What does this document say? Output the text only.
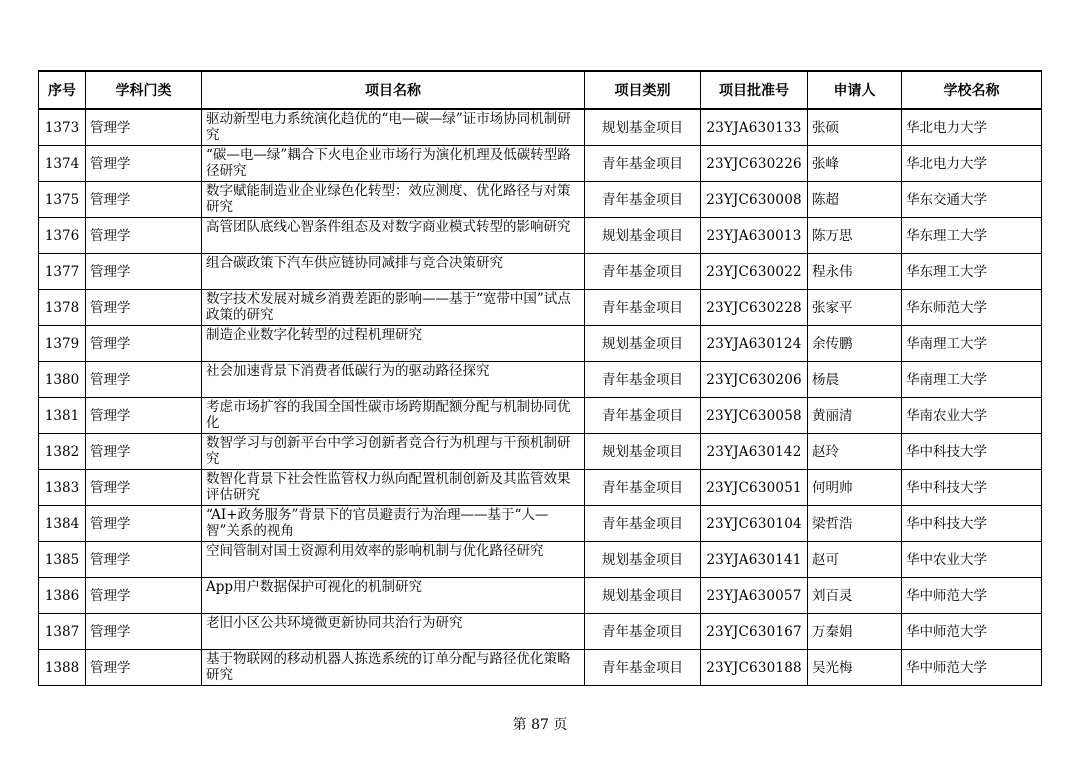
序号	学科门类	项目名称	项目类别	项目批准号	申请人	学校名称
1373	管理学	驱动新型电力系统演化趋优的“电—碳—绿”证市场协同机制研究	规划基金项目	23YJA630133	张硕	华北电力大学
1374	管理学	“碳—电—绿”耦合下火电企业市场行为演化机理及低碳转型路径研究	青年基金项目	23YJC630226	张峰	华北电力大学
1375	管理学	数字赋能制造业企业绿色化转型：效应测度、优化路径与对策研究	青年基金项目	23YJC630008	陈超	华东交通大学
1376	管理学	高管团队底线心智条件组态及对数字商业模式转型的影响研究	规划基金项目	23YJA630013	陈万思	华东理工大学
1377	管理学	组合碳政策下汽车供应链协同减排与竞合决策研究	青年基金项目	23YJC630022	程永伟	华东理工大学
1378	管理学	数字技术发展对城乡消费差距的影响——基于“宽带中国”试点政策的研究	青年基金项目	23YJC630228	张家平	华东师范大学
1379	管理学	制造企业数字化转型的过程机理研究	规划基金项目	23YJA630124	余传鹏	华南理工大学
1380	管理学	社会加速背景下消费者低碳行为的驱动路径探究	青年基金项目	23YJC630206	杨晨	华南理工大学
1381	管理学	考虑市场扩容的我国全国性碳市场跨期配额分配与机制协同优化	青年基金项目	23YJC630058	黄丽清	华南农业大学
1382	管理学	数智学习与创新平台中学习创新者竞合行为机理与干预机制研究	规划基金项目	23YJA630142	赵玲	华中科技大学
1383	管理学	数智化背景下社会性监管权力纵向配置机制创新及其监管效果评估研究	青年基金项目	23YJC630051	何明帅	华中科技大学
1384	管理学	“AI+政务服务”背景下的官员避责行为治理——基于“人—智”关系的视角	青年基金项目	23YJC630104	梁哲浩	华中科技大学
1385	管理学	空间管制对国土资源利用效率的影响机制与优化路径研究	规划基金项目	23YJA630141	赵可	华中农业大学
1386	管理学	App用户数据保护可视化的机制研究	规划基金项目	23YJA630057	刘百灵	华中师范大学
1387	管理学	老旧小区公共环境微更新协同共治行为研究	青年基金项目	23YJC630167	万秦娟	华中师范大学
1388	管理学	基于物联网的移动机器人拣选系统的订单分配与路径优化策略研究	青年基金项目	23YJC630188	吴光梅	华中师范大学
第 87 页
